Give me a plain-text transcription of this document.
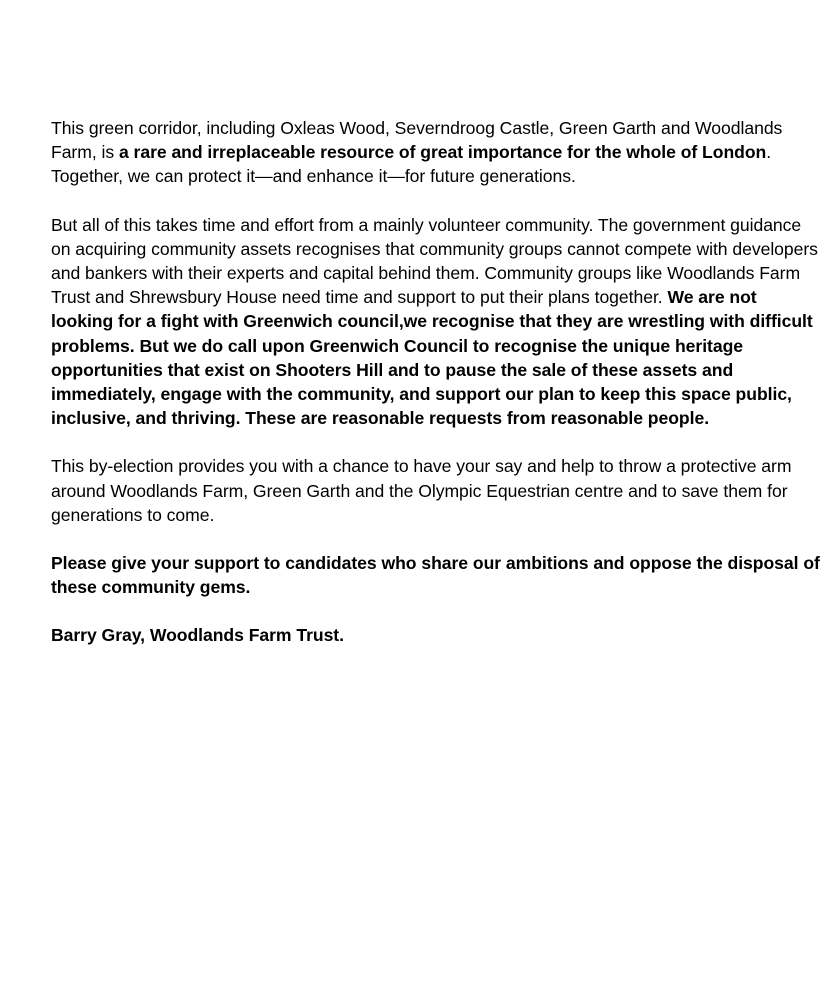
This green corridor, including Oxleas Wood, Severndroog Castle, Green Garth and Woodlands Farm, is a rare and irreplaceable resource of great importance for the whole of London. Together, we can protect it—and enhance it—for future generations.

But all of this takes time and effort from a mainly volunteer community. The government guidance on acquiring community assets recognises that community groups cannot compete with developers and bankers with their experts and capital behind them. Community groups like Woodlands Farm Trust and Shrewsbury House need time and support to put their plans together. We are not looking for a fight with Greenwich council,we recognise that they are wrestling with difficult problems. But we do call upon Greenwich Council to recognise the unique heritage opportunities that exist on Shooters Hill and to pause the sale of these assets and immediately, engage with the community, and support our plan to keep this space public, inclusive, and thriving. These are reasonable requests from reasonable people.

This by-election provides you with a chance to have your say and help to throw a protective arm around Woodlands Farm, Green Garth and the Olympic Equestrian centre and to save them for generations to come.

Please give your support to candidates who share our ambitions and oppose the disposal of these community gems.

Barry Gray, Woodlands Farm Trust.
